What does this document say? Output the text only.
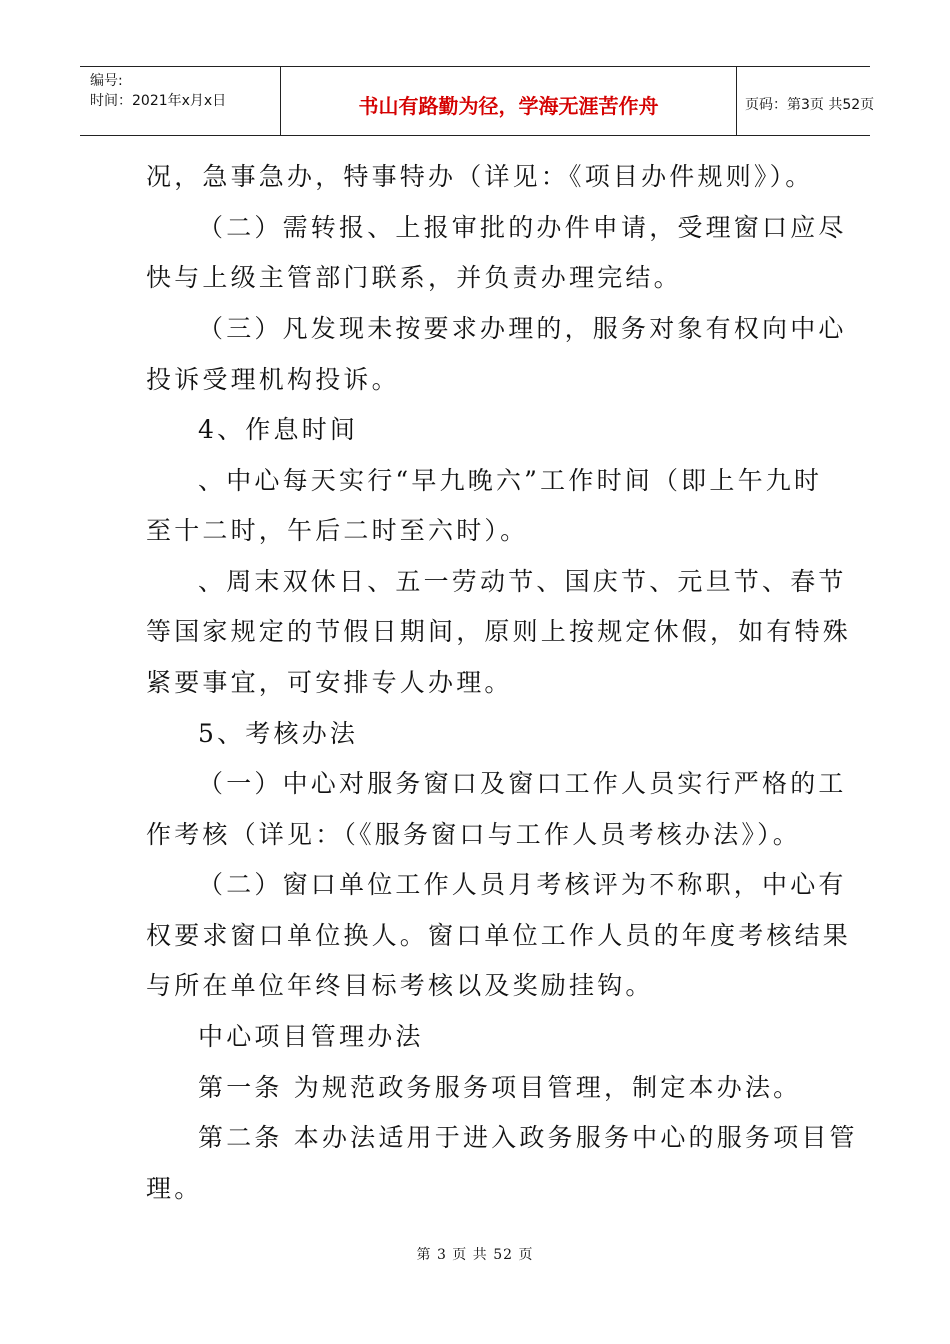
编号:
时间：2021年x月x日	书山有路勤为径，学海无涯苦作舟	页码：第3页 共52页
况，急事急办，特事特办（详见：《项目办件规则》）。
（二）需转报、上报审批的办件申请，受理窗口应尽
快与上级主管部门联系，并负责办理完结。
（三）凡发现未按要求办理的，服务对象有权向中心
投诉受理机构投诉。
4、作息时间
、中心每天实行“早九晚六”工作时间（即上午九时
至十二时，午后二时至六时）。
、周末双休日、五一劳动节、国庆节、元旦节、春节
等国家规定的节假日期间，原则上按规定休假，如有特殊
紧要事宜，可安排专人办理。
5、考核办法
（一）中心对服务窗口及窗口工作人员实行严格的工
作考核（详见：（《服务窗口与工作人员考核办法》）。
（二）窗口单位工作人员月考核评为不称职，中心有
权要求窗口单位换人。窗口单位工作人员的年度考核结果
与所在单位年终目标考核以及奖励挂钩。
中心项目管理办法
第一条 为规范政务服务项目管理，制定本办法。
第二条 本办法适用于进入政务服务中心的服务项目管
理。
第 3 页 共 52 页
